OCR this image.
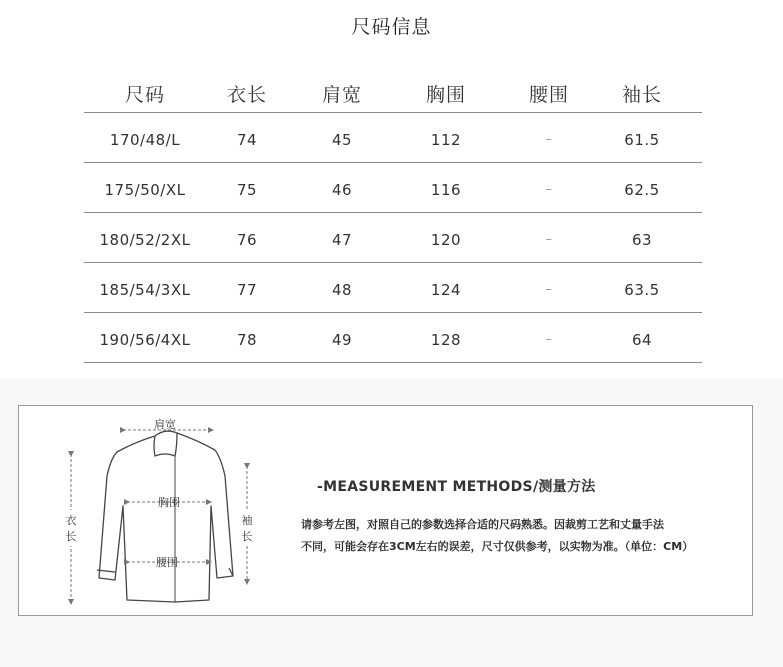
尺码信息
尺码	衣长	肩宽	胸围	腰围	袖长
170/48/L	74	45	112	–	61.5
175/50/XL	75	46	116	–	62.5
180/52/2XL	76	47	120	–	63
185/54/3XL	77	48	124	–	63.5
190/56/4XL	78	49	128	–	64
肩宽
胸围
腰围
衣
长
袖
长
-MEASUREMENT METHODS/测量方法
请参考左图，对照自己的参数选择合适的尺码熟悉。因裁剪工艺和丈量手法
不同，可能会存在3CM左右的误差，尺寸仅供参考，以实物为准。（单位：CM）
